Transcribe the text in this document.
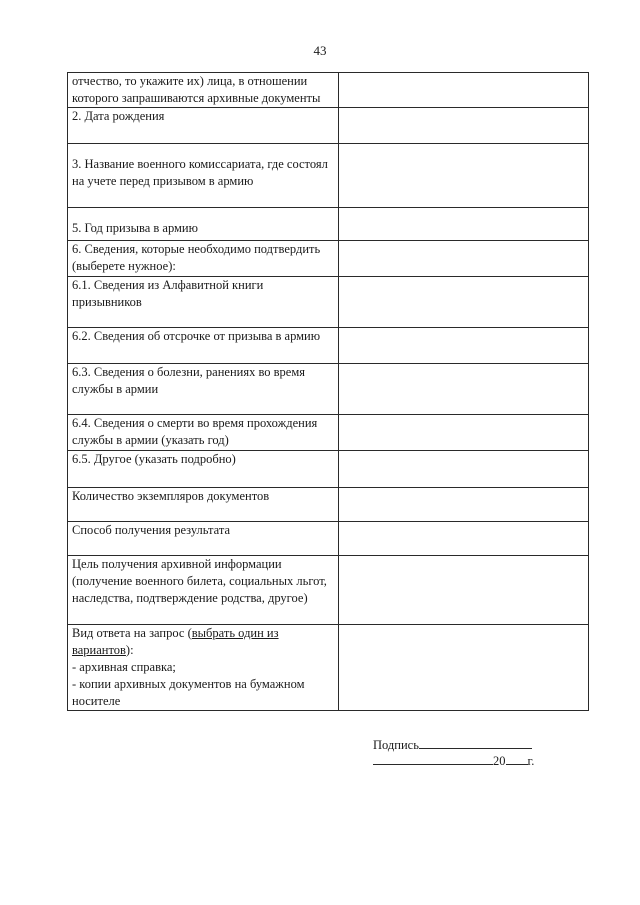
43
отчество, то укажите их) лица, в отношении которого запрашиваются архивные документы	
2. Дата рождения	
3. Название военного комиссариата, где состоял на учете перед призывом в армию	
5. Год призыва в армию	
6. Сведения, которые необходимо подтвердить (выберете нужное):	
6.1. Сведения из Алфавитной книги призывников	
6.2. Сведения об отсрочке от призыва в армию	
6.3. Сведения о болезни, ранениях во время службы в армии	
6.4. Сведения о смерти во время прохождения службы в армии (указать год)	
6.5. Другое (указать подробно)	
Количество экземпляров документов	
Способ получения результата	
Цель получения архивной информации (получение военного билета, социальных льгот, наследства, подтверждение родства, другое)	
Вид ответа на запрос (выбрать один из вариантов):
- архивная справка;
- копии архивных документов на бумажном носителе	

Подпись
20 г.
